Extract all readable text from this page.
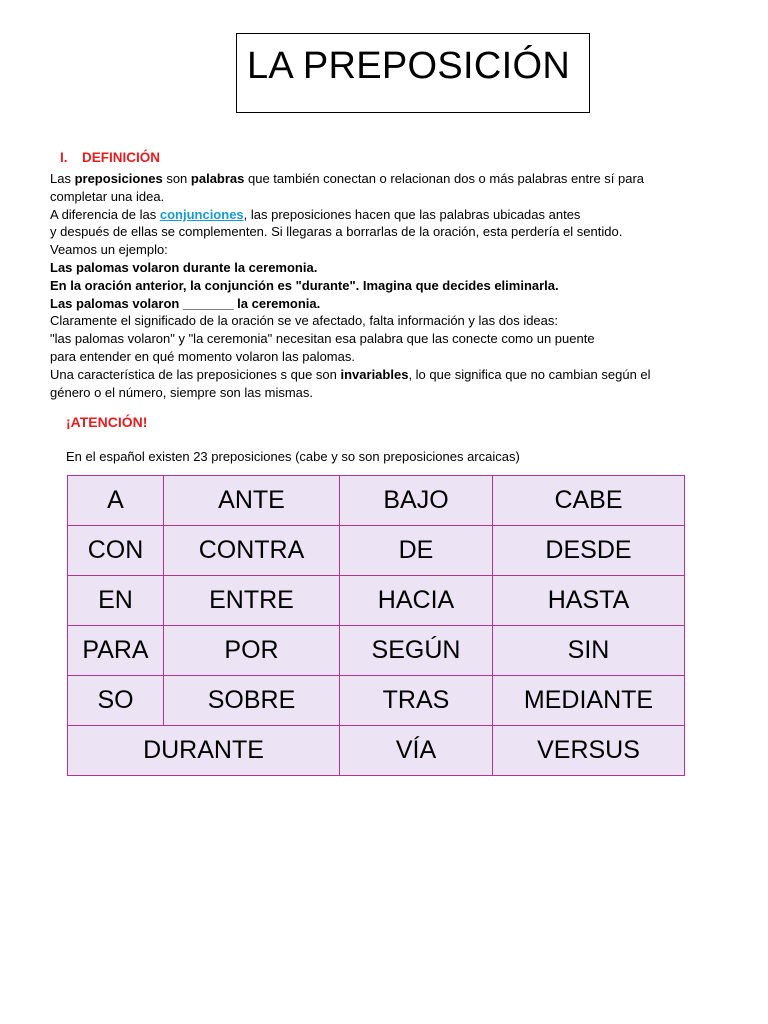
LA PREPOSICIÓN
I. DEFINICIÓN

Las preposiciones son palabras que también conectan o relacionan dos o más palabras entre sí para

completar una idea.

A diferencia de las conjunciones, las preposiciones hacen que las palabras ubicadas antes

y después de ellas se complementen. Si llegaras a borrarlas de la oración, esta perdería el sentido.

Veamos un ejemplo:

Las palomas volaron durante la ceremonia.

En la oración anterior, la conjunción es "durante". Imagina que decides eliminarla.

Las palomas volaron _______ la ceremonia.

Claramente el significado de la oración se ve afectado, falta información y las dos ideas:

"las palomas volaron" y "la ceremonia" necesitan esa palabra que las conecte como un puente

para entender en qué momento volaron las palomas.

Una característica de las preposiciones s que son invariables, lo que significa que no cambian según el

género o el número, siempre son las mismas.

¡ATENCIÓN!
En el español existen 23 preposiciones (cabe y so son preposiciones arcaicas)
A	ANTE	BAJO	CABE
CON	CONTRA	DE	DESDE
EN	ENTRE	HACIA	HASTA
PARA	POR	SEGÚN	SIN
SO	SOBRE	TRAS	MEDIANTE
DURANTE		VÍA	VERSUS
